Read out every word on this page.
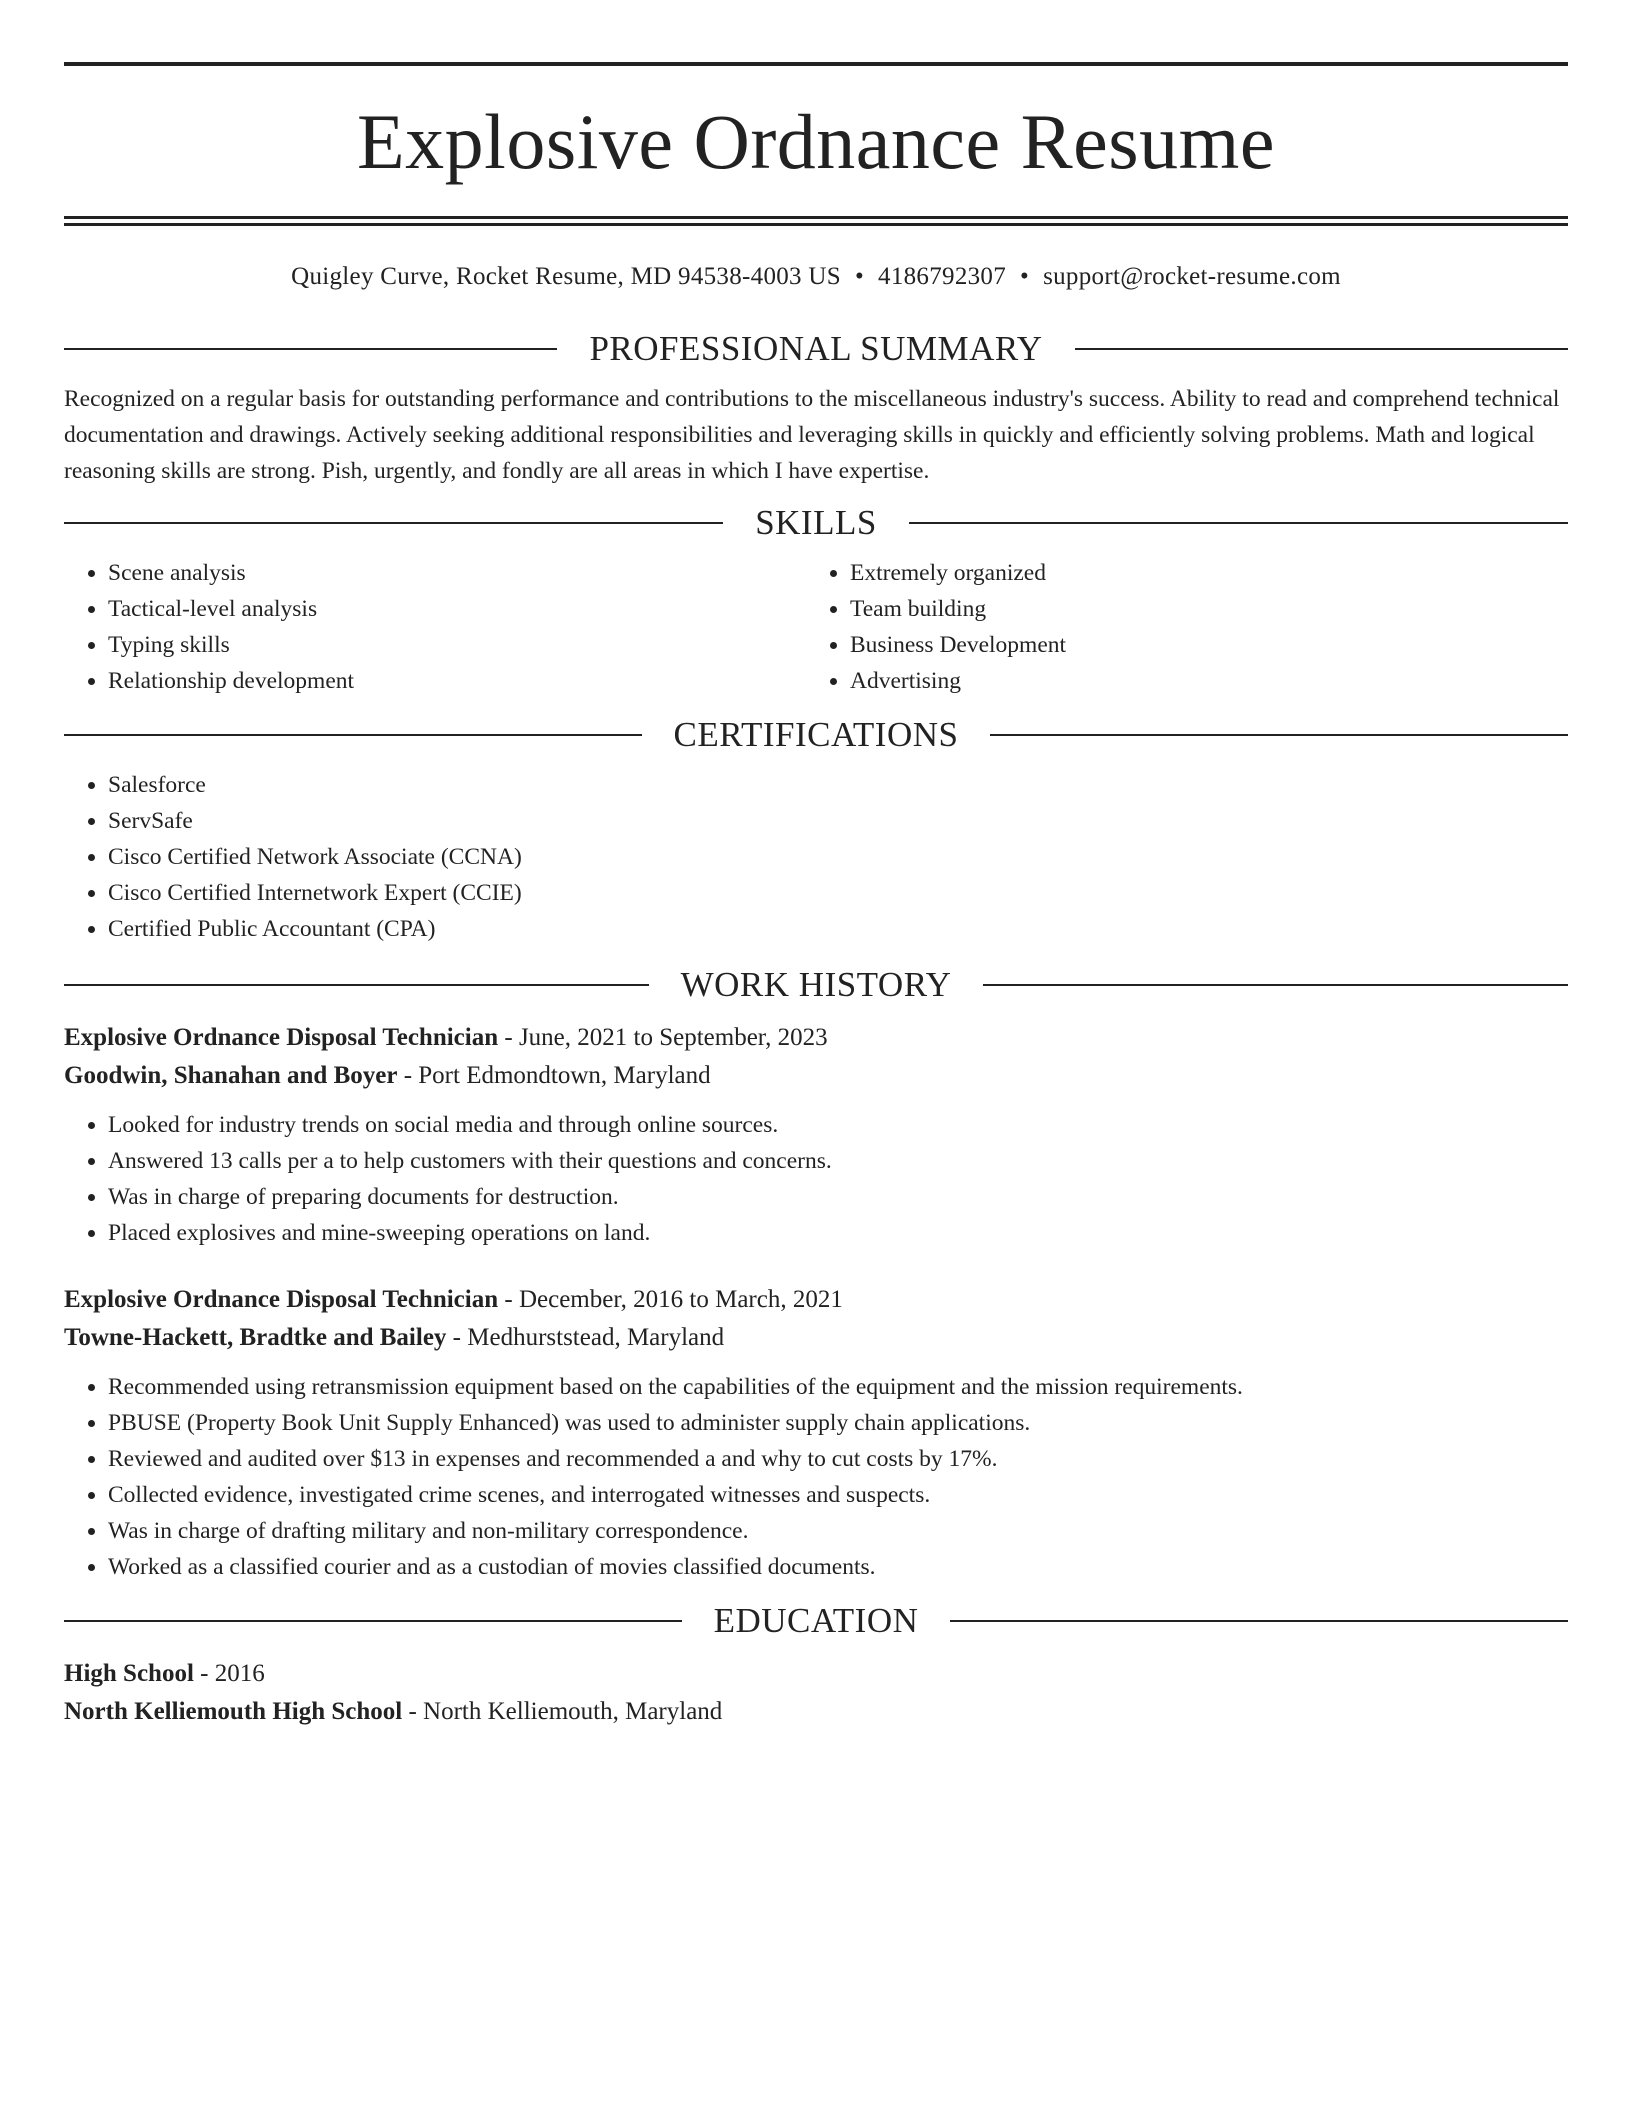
Explosive Ordnance Resume
Quigley Curve, Rocket Resume, MD 94538-4003 US • 4186792307 • support@rocket-resume.com
PROFESSIONAL SUMMARY

Recognized on a regular basis for outstanding performance and contributions to the miscellaneous industry's success. Ability to read and comprehend technical documentation and drawings. Actively seeking additional responsibilities and leveraging skills in quickly and efficiently solving problems. Math and logical reasoning skills are strong. Pish, urgently, and fondly are all areas in which I have expertise.

SKILLS
• Scene analysis
• Tactical-level analysis
• Typing skills
• Relationship development
• Extremely organized
• Team building
• Business Development
• Advertising
CERTIFICATIONS
• Salesforce
• ServSafe
• Cisco Certified Network Associate (CCNA)
• Cisco Certified Internetwork Expert (CCIE)
• Certified Public Accountant (CPA)
WORK HISTORY

Explosive Ordnance Disposal Technician - June, 2021 to September, 2023

Goodwin, Shanahan and Boyer - Port Edmondtown, Maryland

• Looked for industry trends on social media and through online sources.
• Answered 13 calls per a to help customers with their questions and concerns.
• Was in charge of preparing documents for destruction.
• Placed explosives and mine-sweeping operations on land.

Explosive Ordnance Disposal Technician - December, 2016 to March, 2021

Towne-Hackett, Bradtke and Bailey - Medhurststead, Maryland

• Recommended using retransmission equipment based on the capabilities of the equipment and the mission requirements.
• PBUSE (Property Book Unit Supply Enhanced) was used to administer supply chain applications.
• Reviewed and audited over $13 in expenses and recommended a and why to cut costs by 17%.
• Collected evidence, investigated crime scenes, and interrogated witnesses and suspects.
• Was in charge of drafting military and non-military correspondence.
• Worked as a classified courier and as a custodian of movies classified documents.
EDUCATION

High School - 2016

North Kelliemouth High School - North Kelliemouth, Maryland
